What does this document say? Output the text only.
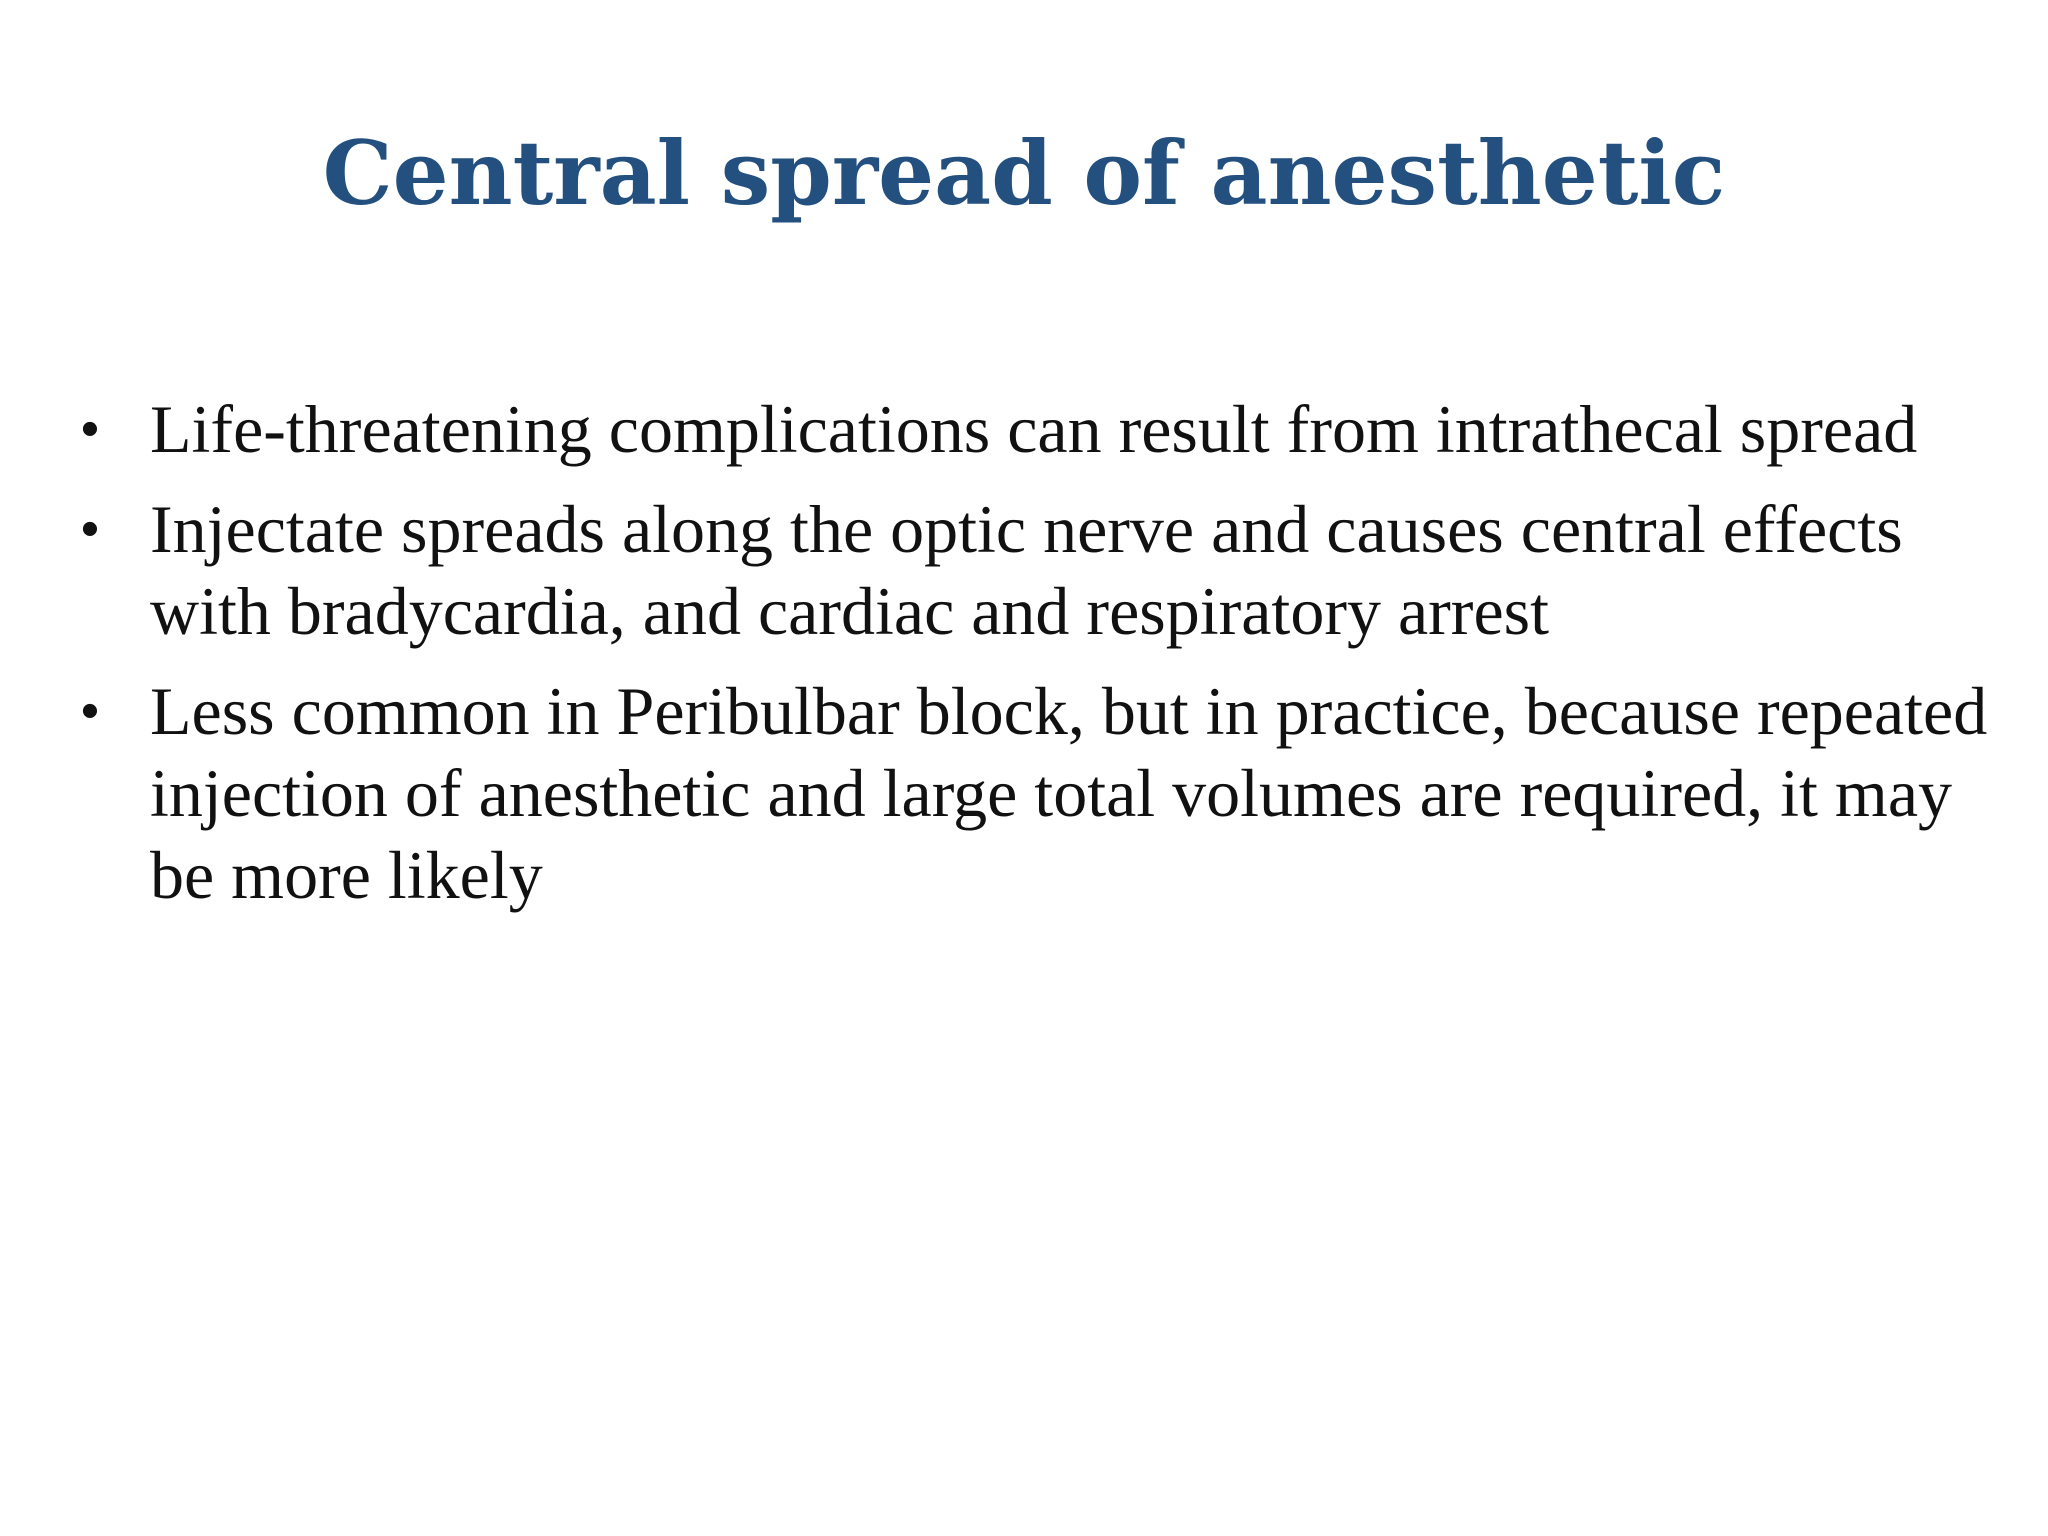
Central spread of anesthetic
• Life-threatening complications can result from intrathecal spread
• Injectate spreads along the optic nerve and causes central effects with bradycardia, and cardiac and respiratory arrest
• Less common in Peribulbar block, but in practice, because repeated injection of anesthetic and large total volumes are required, it may be more likely
